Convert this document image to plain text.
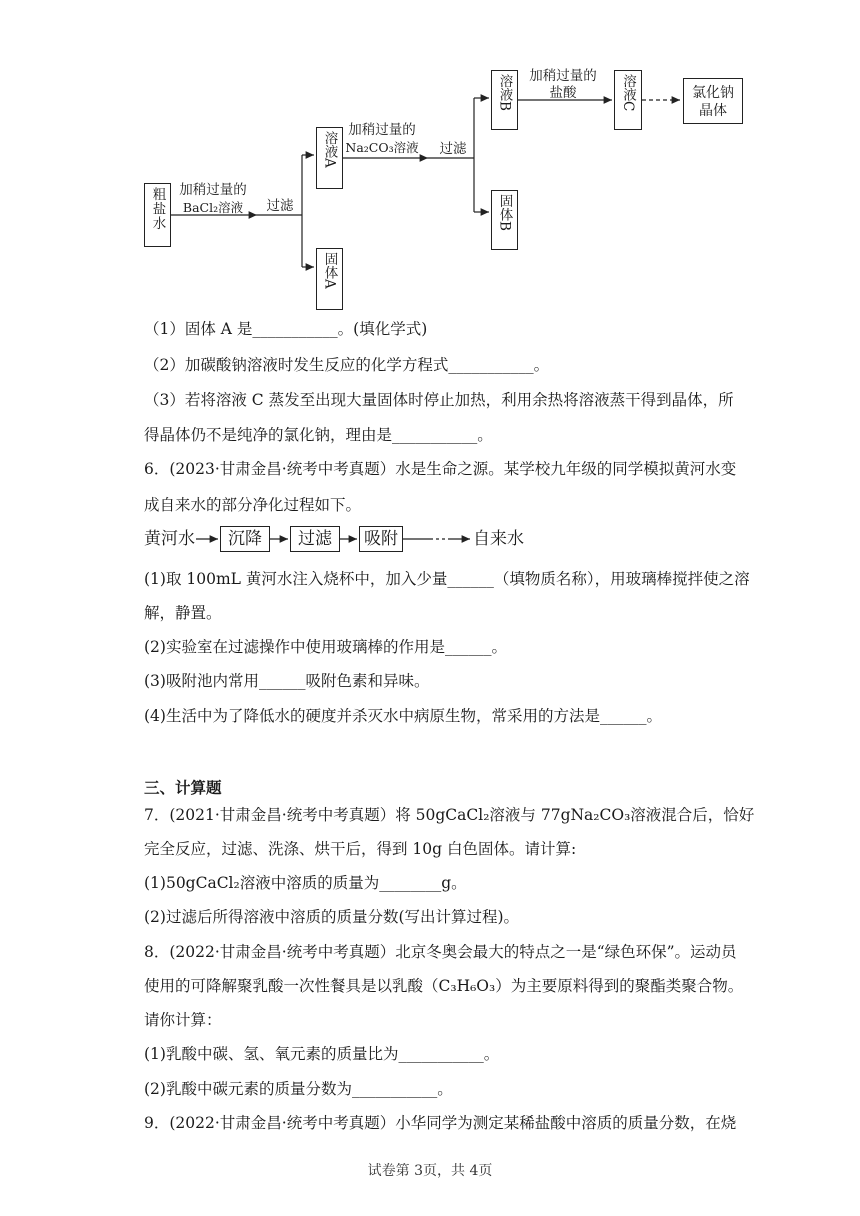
粗盐水	加稍过量的
BaCl₂溶液	过滤
溶液A
固体A
加稍过量的
Na₂CO₃溶液	过滤
溶液B
固体B
加稍过量的
盐酸	溶液C	氯化钠晶体
（1）固体 A 是___________。(填化学式)
（2）加碳酸钠溶液时发生反应的化学方程式___________。
（3）若将溶液 C 蒸发至出现大量固体时停止加热，利用余热将溶液蒸干得到晶体，所
得晶体仍不是纯净的氯化钠，理由是___________。
6．(2023·甘肃金昌·统考中考真题）水是生命之源。某学校九年级的同学模拟黄河水变
成自来水的部分净化过程如下。
黄河水	沉降	过滤	吸附	自来水
(1)取 100mL 黄河水注入烧杯中，加入少量______（填物质名称），用玻璃棒搅拌使之溶
解，静置。
(2)实验室在过滤操作中使用玻璃棒的作用是______。
(3)吸附池内常用______吸附色素和异味。
(4)生活中为了降低水的硬度并杀灭水中病原生物，常采用的方法是______。
三、计算题
7．(2021·甘肃金昌·统考中考真题）将 50gCaCl₂溶液与 77gNa₂CO₃溶液混合后，恰好
完全反应，过滤、洗涤、烘干后，得到 10g 白色固体。请计算:
(1)50gCaCl₂溶液中溶质的质量为________g。
(2)过滤后所得溶液中溶质的质量分数(写出计算过程)。
8．(2022·甘肃金昌·统考中考真题）北京冬奥会最大的特点之一是“绿色环保”。运动员
使用的可降解聚乳酸一次性餐具是以乳酸（C₃H₆O₃）为主要原料得到的聚酯类聚合物。
请你计算：
(1)乳酸中碳、氢、氧元素的质量比为___________。
(2)乳酸中碳元素的质量分数为___________。
9．(2022·甘肃金昌·统考中考真题）小华同学为测定某稀盐酸中溶质的质量分数，在烧
试卷第 3页，共 4页
